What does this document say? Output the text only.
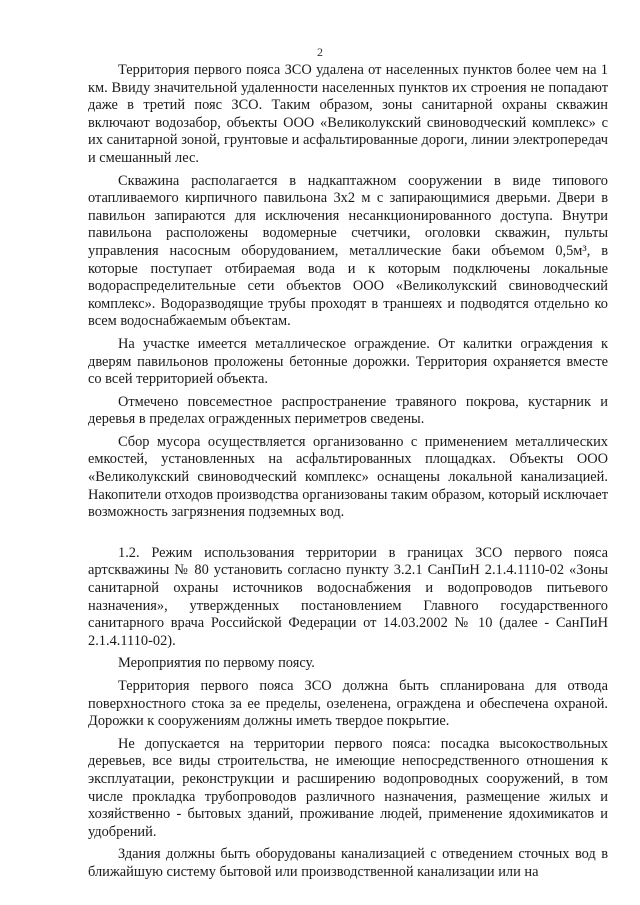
2

Территория первого пояса ЗСО удалена от населенных пунктов более чем на 1 км. Ввиду значительной удаленности населенных пунктов их строения не попадают даже в третий пояс ЗСО. Таким образом, зоны санитарной охраны скважин включают водозабор, объекты ООО «Великолукский свиноводческий комплекс» с их санитарной зоной, грунтовые и асфальтированные дороги, линии электропередач и смешанный лес.

Скважина располагается в надкаптажном сооружении в виде типового отапливаемого кирпичного павильона 3х2 м с запирающимися дверьми. Двери в павильон запираются для исключения несанкционированного доступа. Внутри павильона расположены водомерные счетчики, оголовки скважин, пульты управления насосным оборудованием, металлические баки объемом 0,5м³, в которые поступает отбираемая вода и к которым подключены локальные водораспределительные сети объектов ООО «Великолукский свиноводческий комплекс». Водоразводящие трубы проходят в траншеях и подводятся отдельно ко всем водоснабжаемым объектам.

На участке имеется металлическое ограждение. От калитки ограждения к дверям павильонов проложены бетонные дорожки. Территория охраняется вместе со всей территорией объекта.

Отмечено повсеместное распространение травяного покрова, кустарник и деревья в пределах огражденных периметров сведены.

Сбор мусора осуществляется организованно с применением металлических емкостей, установленных на асфальтированных площадках. Объекты ООО «Великолукский свиноводческий комплекс» оснащены локальной канализацией. Накопители отходов производства организованы таким образом, который исключает возможность загрязнения подземных вод.

1.2. Режим использования территории в границах ЗСО первого пояса артскважины № 80 установить согласно пункту 3.2.1 СанПиН 2.1.4.1110-02 «Зоны санитарной охраны источников водоснабжения и водопроводов питьевого назначения», утвержденных постановлением Главного государственного санитарного врача Российской Федерации от 14.03.2002 № 10 (далее - СанПиН 2.1.4.1110-02).

Мероприятия по первому поясу.

Территория первого пояса ЗСО должна быть спланирована для отвода поверхностного стока за ее пределы, озеленена, ограждена и обеспечена охраной. Дорожки к сооружениям должны иметь твердое покрытие.

Не допускается на территории первого пояса: посадка высокоствольных деревьев, все виды строительства, не имеющие непосредственного отношения к эксплуатации, реконструкции и расширению водопроводных сооружений, в том числе прокладка трубопроводов различного назначения, размещение жилых и хозяйственно - бытовых зданий, проживание людей, применение ядохимикатов и удобрений.

Здания должны быть оборудованы канализацией с отведением сточных вод в ближайшую систему бытовой или производственной канализации или на
